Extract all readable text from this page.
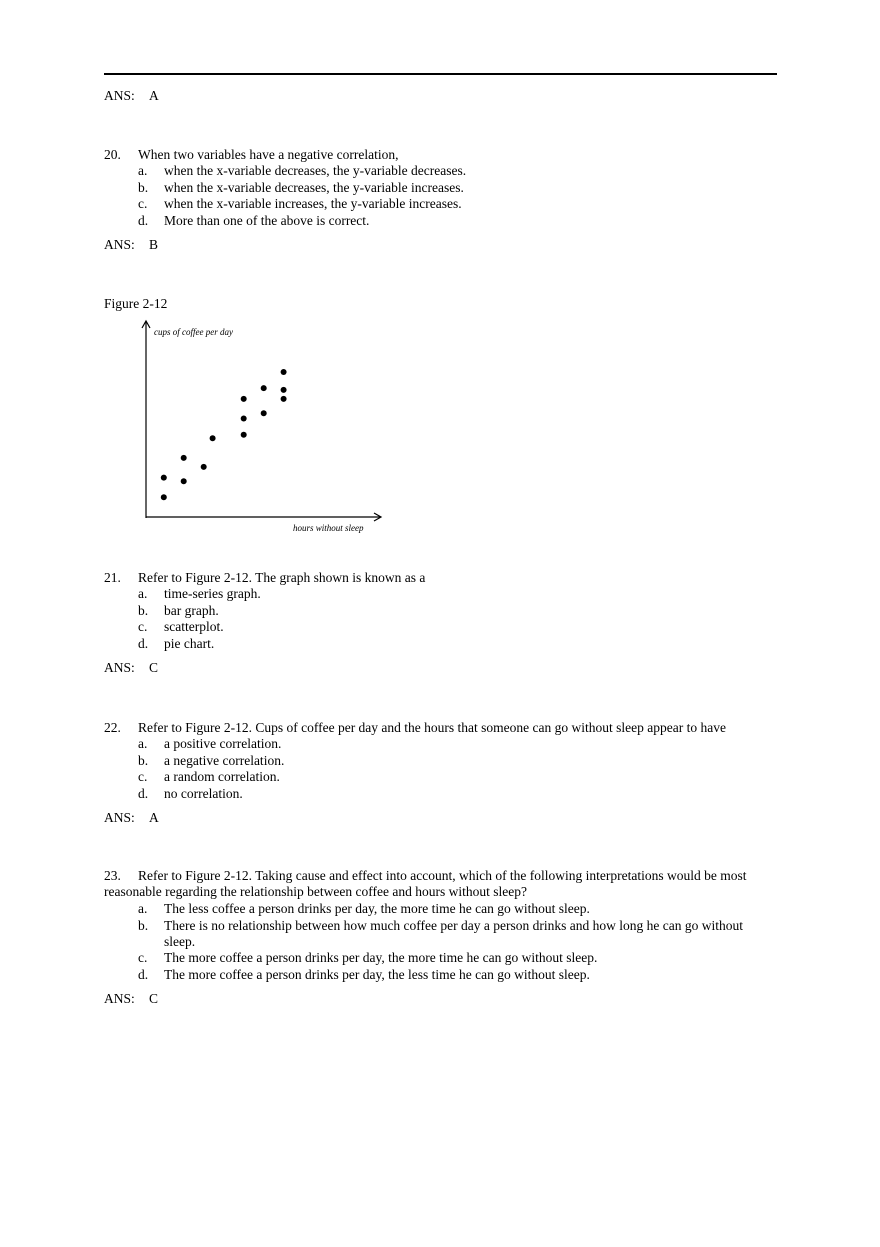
ANS: A
20. When two variables have a negative correlation,
a. when the x-variable decreases, the y-variable decreases.
b. when the x-variable decreases, the y-variable increases.
c. when the x-variable increases, the y-variable increases.
d. More than one of the above is correct.
ANS: B
Figure 2-12
cups of coffee per day
hours without sleep
21. Refer to Figure 2-12. The graph shown is known as a
a. time-series graph.
b. bar graph.
c. scatterplot.
d. pie chart.
ANS: C
22. Refer to Figure 2-12. Cups of coffee per day and the hours that someone can go without sleep appear to have
a. a positive correlation.
b. a negative correlation.
c. a random correlation.
d. no correlation.
ANS: A
23.	Refer to Figure 2-12. Taking cause and effect into account, which of the following interpretations would be most reasonable regarding the relationship between coffee and hours without sleep?
a. The less coffee a person drinks per day, the more time he can go without sleep.
b. There is no relationship between how much coffee per day a person drinks and how long he can go without sleep.
c. The more coffee a person drinks per day, the more time he can go without sleep.
d. The more coffee a person drinks per day, the less time he can go without sleep.
ANS: C
